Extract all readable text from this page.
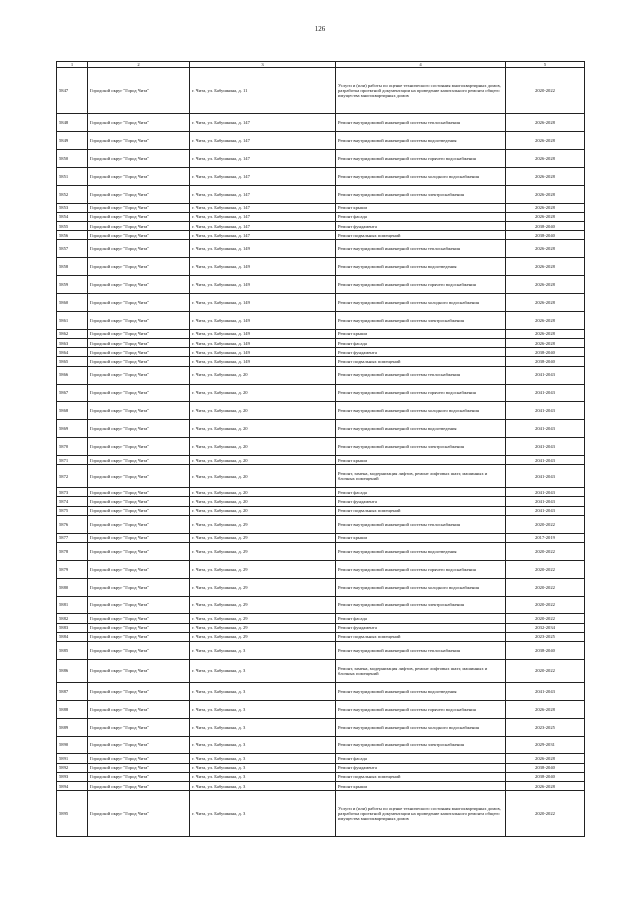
126
1	2	3	4	5
5847	Городской округ "Город Чита"	г. Чита, ул. Бабушкина, д. 11	Услуги и (или) работы по оценке технического состояния многоквартирных домов, разработка проектной документации на проведение капитального ремонта общего имущества многоквартирных домов	2020-2022
5848	Городской округ "Город Чита"	г. Чита, ул. Бабушкина, д. 147	Ремонт внутридомовой инженерной системы теплоснабжения	2026-2028
5849	Городской округ "Город Чита"	г. Чита, ул. Бабушкина, д. 147	Ремонт внутридомовой инженерной системы водоотведения	2026-2028
5850	Городской округ "Город Чита"	г. Чита, ул. Бабушкина, д. 147	Ремонт внутридомовой инженерной системы горячего водоснабжения	2026-2028
5851	Городской округ "Город Чита"	г. Чита, ул. Бабушкина, д. 147	Ремонт внутридомовой инженерной системы холодного водоснабжения	2026-2028
5852	Городской округ "Город Чита"	г. Чита, ул. Бабушкина, д. 147	Ремонт внутридомовой инженерной системы электроснабжения	2026-2028
5853	Городской округ "Город Чита"	г. Чита, ул. Бабушкина, д. 147	Ремонт крыши	2026-2028
5854	Городской округ "Город Чита"	г. Чита, ул. Бабушкина, д. 147	Ремонт фасада	2026-2028
5855	Городской округ "Город Чита"	г. Чита, ул. Бабушкина, д. 147	Ремонт фундамента	2038-2040
5856	Городской округ "Город Чита"	г. Чита, ул. Бабушкина, д. 147	Ремонт подвальных помещений	2038-2040
5857	Городской округ "Город Чита"	г. Чита, ул. Бабушкина, д. 149	Ремонт внутридомовой инженерной системы теплоснабжения	2026-2028
5858	Городской округ "Город Чита"	г. Чита, ул. Бабушкина, д. 149	Ремонт внутридомовой инженерной системы водоотведения	2026-2028
5859	Городской округ "Город Чита"	г. Чита, ул. Бабушкина, д. 149	Ремонт внутридомовой инженерной системы горячего водоснабжения	2026-2028
5860	Городской округ "Город Чита"	г. Чита, ул. Бабушкина, д. 149	Ремонт внутридомовой инженерной системы холодного водоснабжения	2026-2028
5861	Городской округ "Город Чита"	г. Чита, ул. Бабушкина, д. 149	Ремонт внутридомовой инженерной системы электроснабжения	2026-2028
5862	Городской округ "Город Чита"	г. Чита, ул. Бабушкина, д. 149	Ремонт крыши	2026-2028
5863	Городской округ "Город Чита"	г. Чита, ул. Бабушкина, д. 149	Ремонт фасада	2026-2028
5864	Городской округ "Город Чита"	г. Чита, ул. Бабушкина, д. 149	Ремонт фундамента	2038-2040
5865	Городской округ "Город Чита"	г. Чита, ул. Бабушкина, д. 149	Ремонт подвальных помещений	2038-2040
5866	Городской округ "Город Чита"	г. Чита, ул. Бабушкина, д. 20	Ремонт внутридомовой инженерной системы теплоснабжения	2041-2043
5867	Городской округ "Город Чита"	г. Чита, ул. Бабушкина, д. 20	Ремонт внутридомовой инженерной системы горячего водоснабжения	2041-2043
5868	Городской округ "Город Чита"	г. Чита, ул. Бабушкина, д. 20	Ремонт внутридомовой инженерной системы холодного водоснабжения	2041-2043
5869	Городской округ "Город Чита"	г. Чита, ул. Бабушкина, д. 20	Ремонт внутридомовой инженерной системы водоотведения	2041-2043
5870	Городской округ "Город Чита"	г. Чита, ул. Бабушкина, д. 20	Ремонт внутридомовой инженерной системы электроснабжения	2041-2043
5871	Городской округ "Город Чита"	г. Чита, ул. Бабушкина, д. 20	Ремонт крыши	2041-2043
5872	Городской округ "Город Чита"	г. Чита, ул. Бабушкина, д. 20	Ремонт, замена, модернизация лифтов, ремонт лифтовых шахт, машинных и блочных помещений	2041-2043
5873	Городской округ "Город Чита"	г. Чита, ул. Бабушкина, д. 20	Ремонт фасада	2041-2043
5874	Городской округ "Город Чита"	г. Чита, ул. Бабушкина, д. 20	Ремонт фундамента	2041-2043
5875	Городской округ "Город Чита"	г. Чита, ул. Бабушкина, д. 20	Ремонт подвальных помещений	2041-2043
5876	Городской округ "Город Чита"	г. Чита, ул. Бабушкина, д. 29	Ремонт внутридомовой инженерной системы теплоснабжения	2020-2022
5877	Городской округ "Город Чита"	г. Чита, ул. Бабушкина, д. 29	Ремонт крыши	2017-2019
5878	Городской округ "Город Чита"	г. Чита, ул. Бабушкина, д. 29	Ремонт внутридомовой инженерной системы водоотведения	2020-2022
5879	Городской округ "Город Чита"	г. Чита, ул. Бабушкина, д. 29	Ремонт внутридомовой инженерной системы горячего водоснабжения	2020-2022
5880	Городской округ "Город Чита"	г. Чита, ул. Бабушкина, д. 29	Ремонт внутридомовой инженерной системы холодного водоснабжения	2020-2022
5881	Городской округ "Город Чита"	г. Чита, ул. Бабушкина, д. 29	Ремонт внутридомовой инженерной системы электроснабжения	2020-2022
5882	Городской округ "Город Чита"	г. Чита, ул. Бабушкина, д. 29	Ремонт фасада	2020-2022
5883	Городской округ "Город Чита"	г. Чита, ул. Бабушкина, д. 29	Ремонт фундамента	2032-2034
5884	Городской округ "Город Чита"	г. Чита, ул. Бабушкина, д. 29	Ремонт подвальных помещений	2023-2025
5885	Городской округ "Город Чита"	г. Чита, ул. Бабушкина, д. 3	Ремонт внутридомовой инженерной системы теплоснабжения	2038-2040
5886	Городской округ "Город Чита"	г. Чита, ул. Бабушкина, д. 3	Ремонт, замена, модернизация лифтов, ремонт лифтовых шахт, машинных и блочных помещений	2020-2022
5887	Городской округ "Город Чита"	г. Чита, ул. Бабушкина, д. 3	Ремонт внутридомовой инженерной системы водоотведения	2041-2043
5888	Городской округ "Город Чита"	г. Чита, ул. Бабушкина, д. 3	Ремонт внутридомовой инженерной системы горячего водоснабжения	2026-2028
5889	Городской округ "Город Чита"	г. Чита, ул. Бабушкина, д. 3	Ремонт внутридомовой инженерной системы холодного водоснабжения	2023-2025
5890	Городской округ "Город Чита"	г. Чита, ул. Бабушкина, д. 3	Ремонт внутридомовой инженерной системы электроснабжения	2029-2031
5891	Городской округ "Город Чита"	г. Чита, ул. Бабушкина, д. 3	Ремонт фасада	2026-2028
5892	Городской округ "Город Чита"	г. Чита, ул. Бабушкина, д. 3	Ремонт фундамента	2038-2040
5893	Городской округ "Город Чита"	г. Чита, ул. Бабушкина, д. 3	Ремонт подвальных помещений	2038-2040
5894	Городской округ "Город Чита"	г. Чита, ул. Бабушкина, д. 3	Ремонт крыши	2026-2028
5895	Городской округ "Город Чита"	г. Чита, ул. Бабушкина, д. 3	Услуги и (или) работы по оценке технического состояния многоквартирных домов, разработка проектной документации на проведение капитального ремонта общего имущества многоквартирных домов	2020-2022
